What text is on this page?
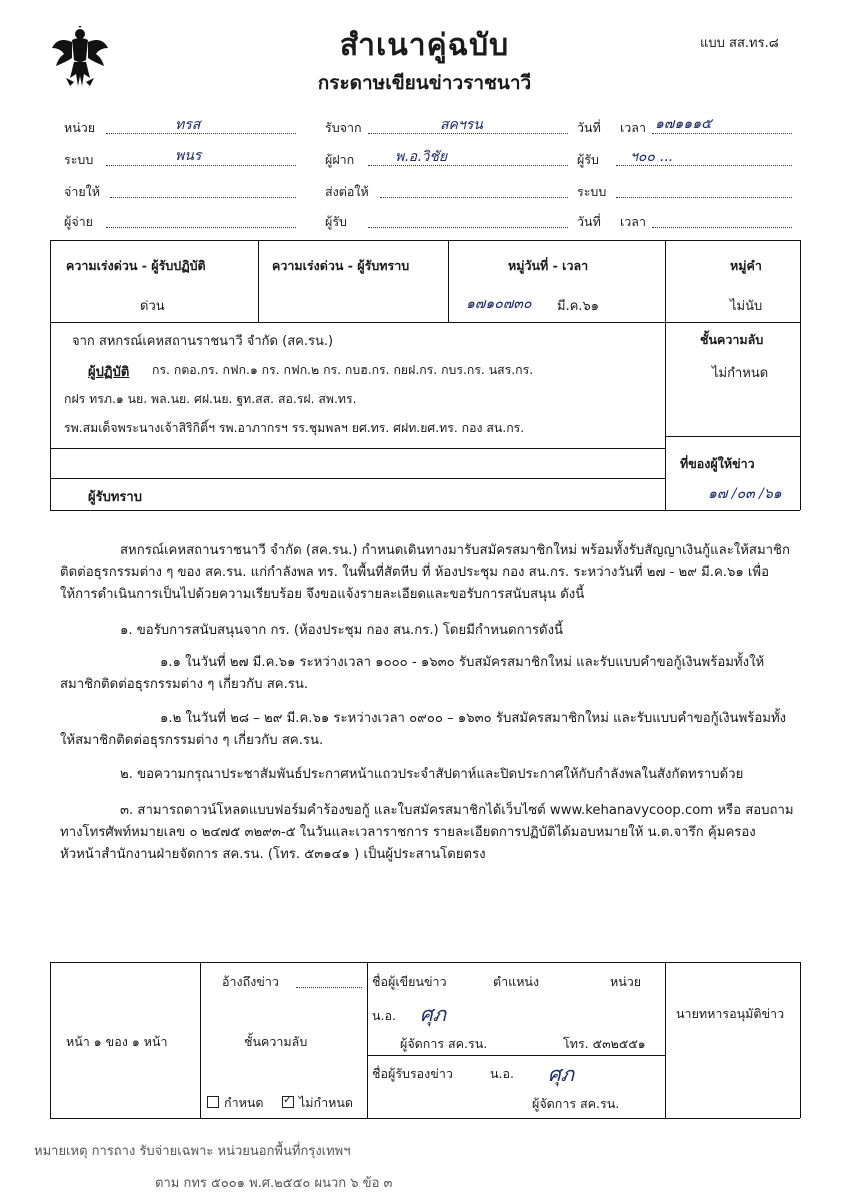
แบบ สส.ทร.๘
สำเนาคู่ฉบับ
กระดาษเขียนข่าวราชนาวี
หน่วย	ทรส	รับจาก	สคฯรน	วันที่ เวลา ๑๗๑๑๑๕
ระบบ	พนร	ผู้ฝาก	พ.อ.วิชัย	ผู้รับ ฯ๐๐ ...
จ่ายให้	ส่งต่อให้	ระบบ
ผู้จ่าย	ผู้รับ	วันที่ เวลา
ความเร่งด่วน - ผู้รับปฏิบัติ	ความเร่งด่วน - ผู้รับทราบ	หมู่วันที่ - เวลา	หมู่คำ
ด่วน	๑๗๑๐๗๓๐ มี.ค.๖๑	ไม่นับ
จาก สหกรณ์เคหสถานราชนาวี จำกัด (สค.รน.)
ผู้ปฏิบัติ กร. กตอ.กร. กฟก.๑ กร. กฟก.๒ กร. กบฮ.กร. กยฝ.กร. กบร.กร. นสร.กร.
กฝร ทรภ.๑ นย. พล.นย. ศฝ.นย. ฐท.สส. สอ.รฝ. สพ.ทร.
รพ.สมเด็จพระนางเจ้าสิริกิติ์ฯ รพ.อาภากรฯ รร.ชุมพลฯ ยศ.ทร. ศฝท.ยศ.ทร. กอง สน.กร.
ผู้รับทราบ
ชั้นความลับ
ไม่กำหนด
ที่ของผู้ให้ข่าว
๑๗ /๐๓ /๖๑

สหกรณ์เคหสถานราชนาวี จำกัด (สค.รน.) กำหนดเดินทางมารับสมัครสมาชิกใหม่ พร้อมทั้งรับสัญญาเงินกู้และให้สมาชิกติดต่อธุรกรรมต่าง ๆ ของ สค.รน. แก่กำลังพล ทร. ในพื้นที่สัตหีบ ที่ ห้องประชุม กอง สน.กร. ระหว่างวันที่ ๒๗ - ๒๙ มี.ค.๖๑ เพื่อให้การดำเนินการเป็นไปด้วยความเรียบร้อย จึงขอแจ้งรายละเอียดและขอรับการสนับสนุน ดังนี้

๑. ขอรับการสนับสนุนจาก กร. (ห้องประชุม กอง สน.กร.) โดยมีกำหนดการดังนี้

๑.๑ ในวันที่ ๒๗ มี.ค.๖๑ ระหว่างเวลา ๑๐๐๐ - ๑๖๓๐ รับสมัครสมาชิกใหม่ และรับแบบคำขอกู้เงินพร้อมทั้งให้สมาชิกติดต่อธุรกรรมต่าง ๆ เกี่ยวกับ สค.รน.

๑.๒ ในวันที่ ๒๘ – ๒๙ มี.ค.๖๑ ระหว่างเวลา ๐๙๐๐ – ๑๖๓๐ รับสมัครสมาชิกใหม่ และรับแบบคำขอกู้เงินพร้อมทั้งให้สมาชิกติดต่อธุรกรรมต่าง ๆ เกี่ยวกับ สค.รน.

๒. ขอความกรุณาประชาสัมพันธ์ประกาศหน้าแถวประจำสัปดาห์และปิดประกาศให้กับกำลังพลในสังกัดทราบด้วย

๓. สามารถดาวน์โหลดแบบฟอร์มคำร้องขอกู้ และใบสมัครสมาชิกได้เว็บไซต์ www.kehanavycoop.com หรือ สอบถามทางโทรศัพท์หมายเลข ๐ ๒๔๗๕ ๓๒๙๓-๕ ในวันและเวลาราชการ รายละเอียดการปฏิบัติได้มอบหมายให้ น.ต.จารึก คุ้มครอง หัวหน้าสำนักงานฝ่ายจัดการ สค.รน. (โทร. ๕๓๑๔๑ ) เป็นผู้ประสานโดยตรง

หน้า ๑ ของ ๑ หน้า
อ้างถึงข่าว
ชั้นความลับ
กำหนด
✓	ไม่กำหนด
ชื่อผู้เขียนข่าว	ตำแหน่ง	หน่วย
น.อ. ศุภ
ผู้จัดการ สค.รน.	โทร. ๕๓๒๕๕๑
ชื่อผู้รับรองข่าว	น.อ. ศุภ
ผู้จัดการ สค.รน.
นายทหารอนุมัติข่าว
หมายเหตุ การถาง รับจ่ายเฉพาะ หน่วยนอกพื้นที่กรุงเทพฯ
ตาม กทร ๕๐๐๑ พ.ศ.๒๕๕๐ ผนวก ๖ ข้อ ๓
